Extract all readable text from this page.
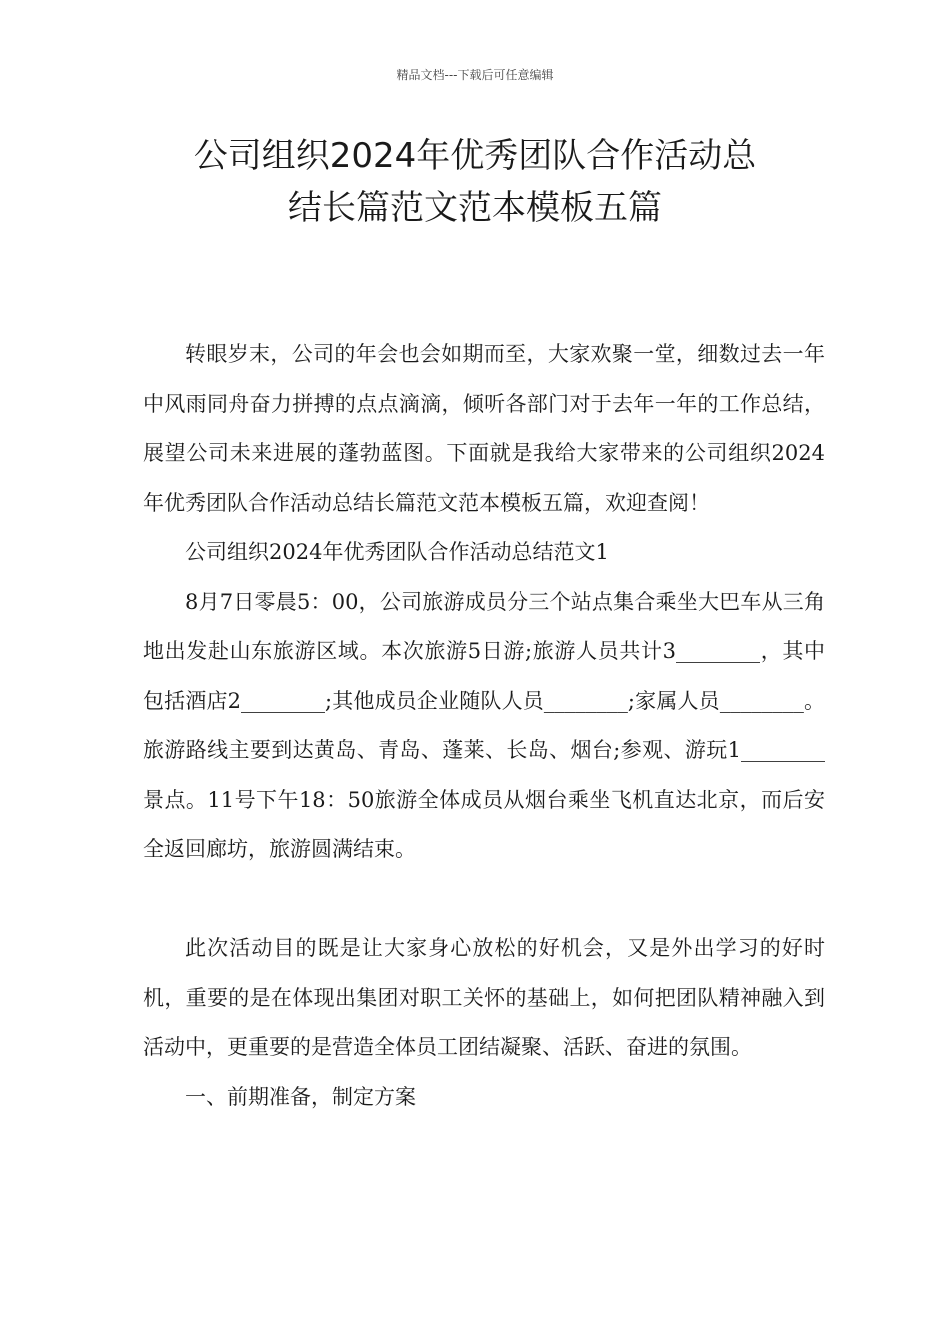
精品文档---下载后可任意编辑
公司组织2024年优秀团队合作活动总
结长篇范文范本模板五篇

转眼岁末，公司的年会也会如期而至，大家欢聚一堂，细数过去一年中风雨同舟奋力拼搏的点点滴滴，倾听各部门对于去年一年的工作总结，展望公司未来进展的蓬勃蓝图。下面就是我给大家带来的公司组织2024年优秀团队合作活动总结长篇范文范本模板五篇，欢迎查阅！

公司组织2024年优秀团队合作活动总结范文1

8月7日零晨5：00，公司旅游成员分三个站点集合乘坐大巴车从三角地出发赴山东旅游区域。本次旅游5日游;旅游人员共计3________，其中包括酒店2________;其他成员企业随队人员________;家属人员________。旅游路线主要到达黄岛、青岛、蓬莱、长岛、烟台;参观、游玩1________景点。11号下午18：50旅游全体成员从烟台乘坐飞机直达北京，而后安全返回廊坊，旅游圆满结束。

此次活动目的既是让大家身心放松的好机会，又是外出学习的好时机，重要的是在体现出集团对职工关怀的基础上，如何把团队精神融入到活动中，更重要的是营造全体员工团结凝聚、活跃、奋进的氛围。

一、前期准备，制定方案
